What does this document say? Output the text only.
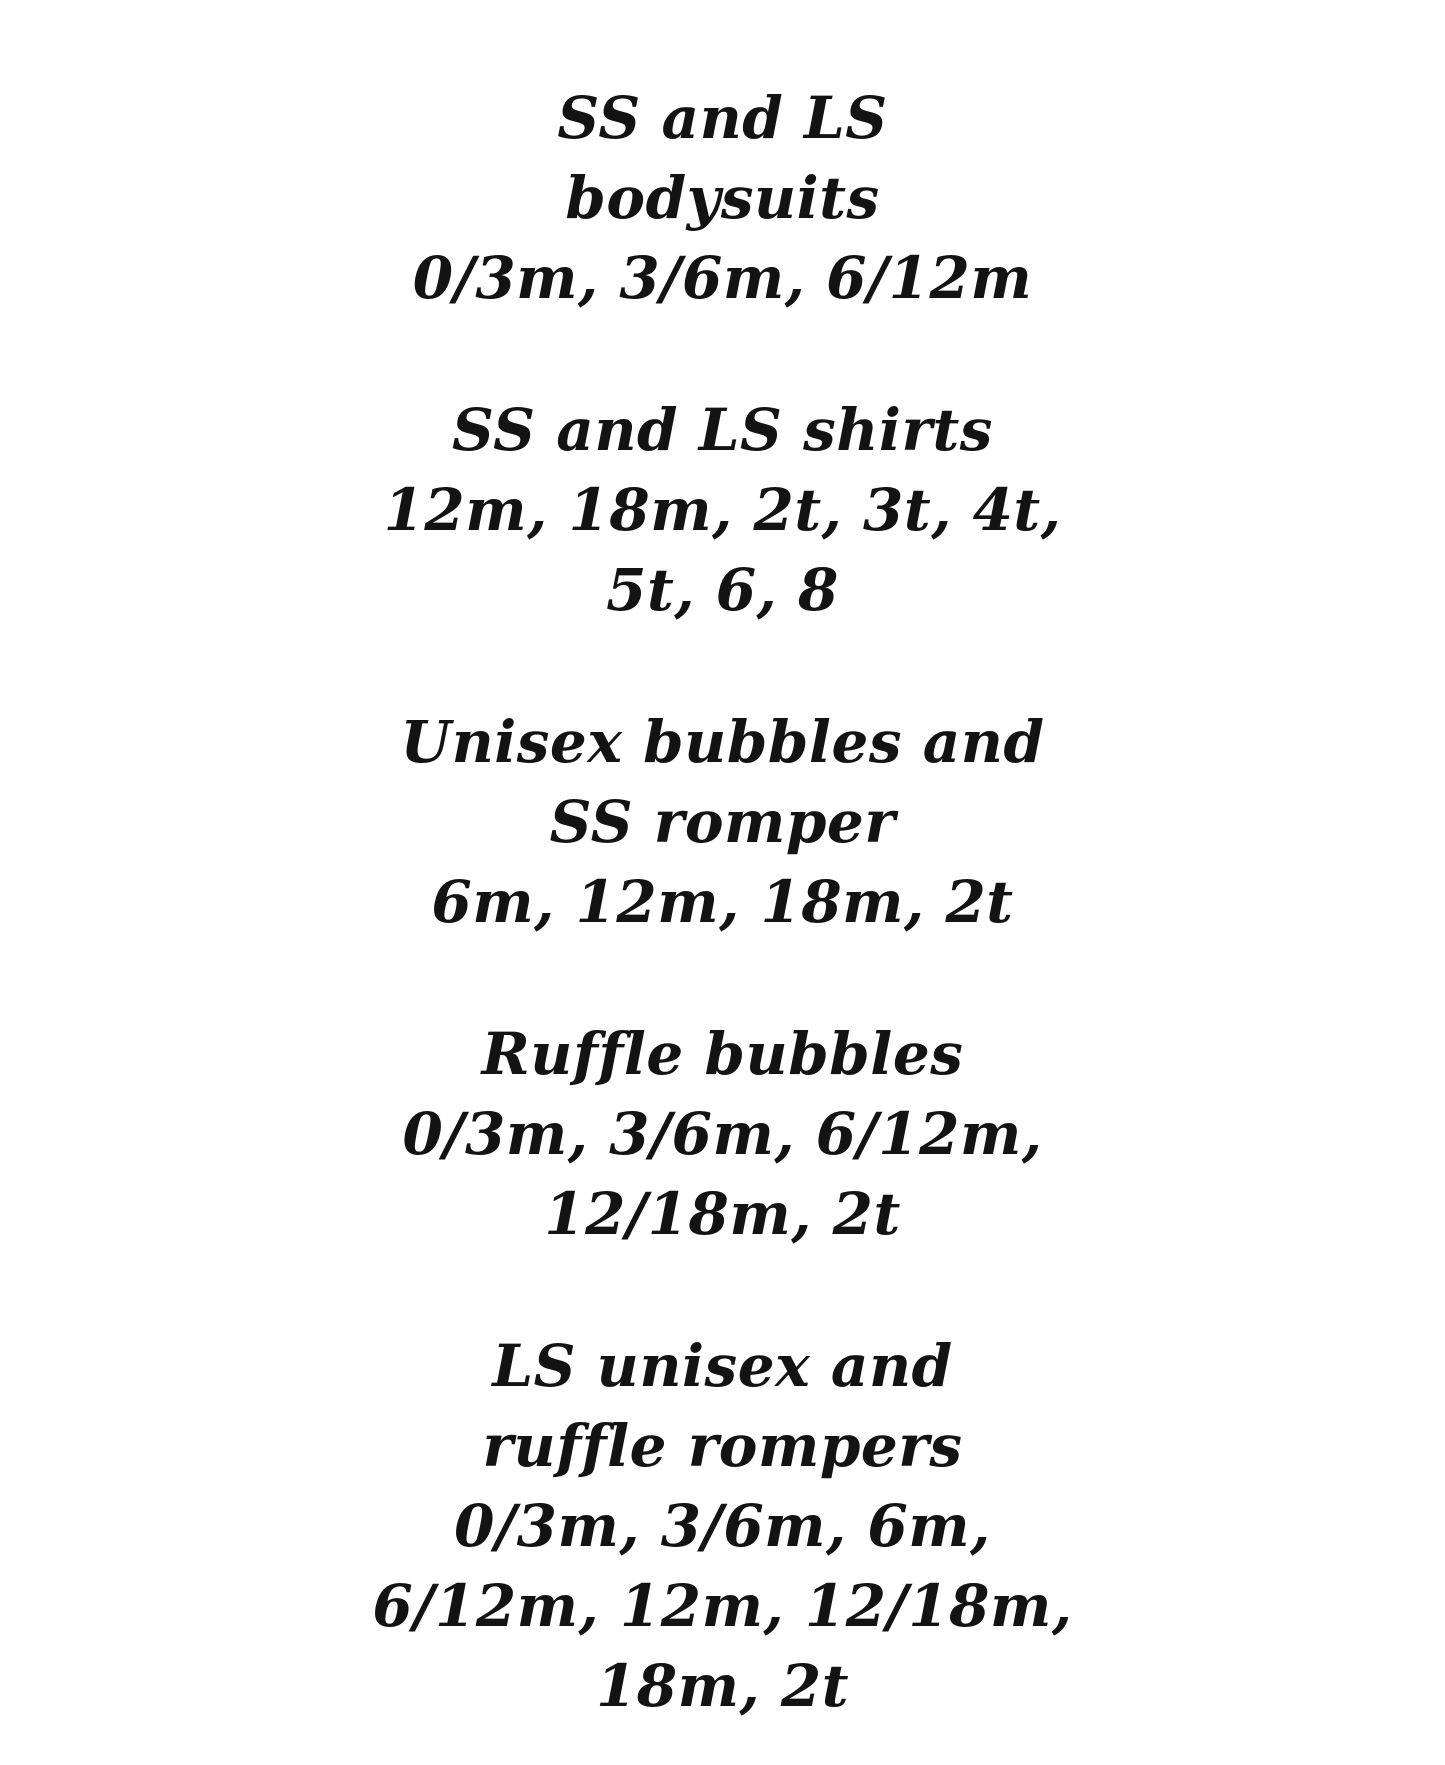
SS and LS
bodysuits
0/3m, 3/6m, 6/12m
SS and LS shirts
12m, 18m, 2t, 3t, 4t,
5t, 6, 8
Unisex bubbles and
SS romper
6m, 12m, 18m, 2t
Ruffle bubbles
0/3m, 3/6m, 6/12m,
12/18m, 2t
LS unisex and
ruffle rompers
0/3m, 3/6m, 6m,
6/12m, 12m, 12/18m,
18m, 2t
